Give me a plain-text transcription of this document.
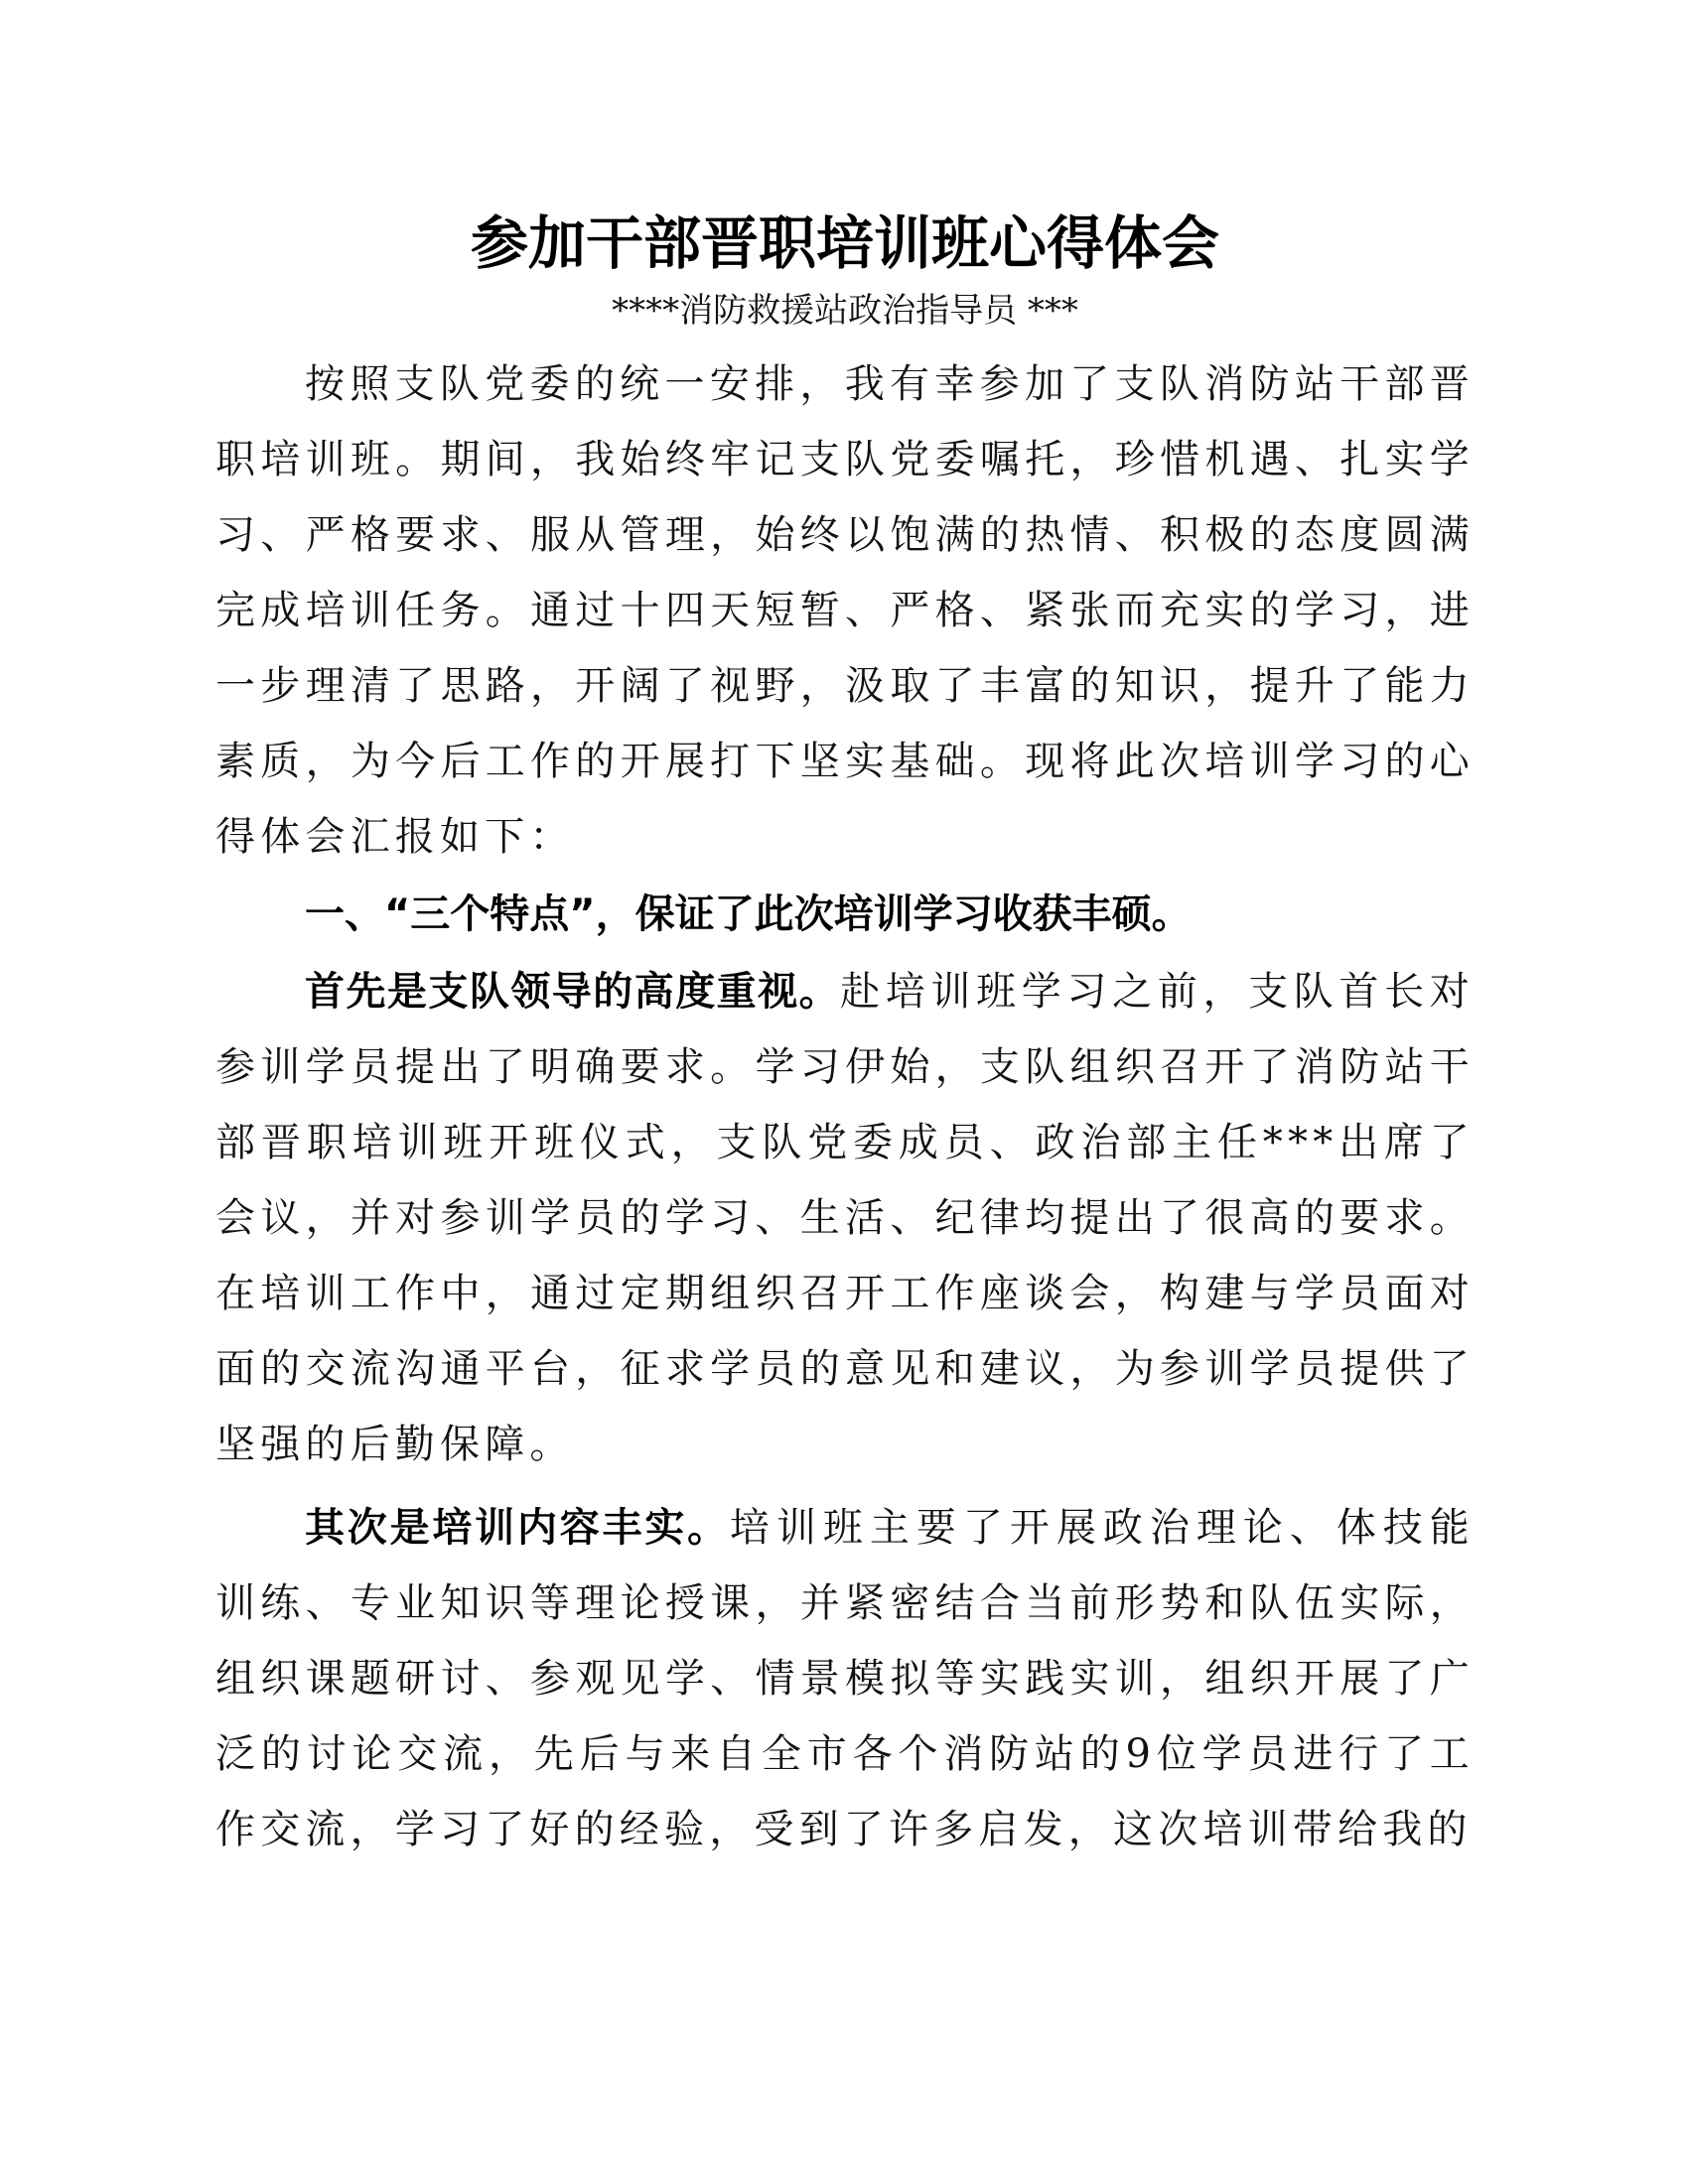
参加干部晋职培训班心得体会

****消防救援站政治指导员 ***

按照支队党委的统一安排，我有幸参加了支队消防站干部晋职培训班。期间，我始终牢记支队党委嘱托，珍惜机遇、扎实学习、严格要求、服从管理，始终以饱满的热情、积极的态度圆满完成培训任务。通过十四天短暂、严格、紧张而充实的学习，进一步理清了思路，开阔了视野，汲取了丰富的知识，提升了能力素质，为今后工作的开展打下坚实基础。现将此次培训学习的心得体会汇报如下：

一、“三个特点”，保证了此次培训学习收获丰硕。

首先是支队领导的高度重视。赴培训班学习之前，支队首长对参训学员提出了明确要求。学习伊始，支队组织召开了消防站干部晋职培训班开班仪式，支队党委成员、政治部主任***出席了会议，并对参训学员的学习、生活、纪律均提出了很高的要求。在培训工作中，通过定期组织召开工作座谈会，构建与学员面对面的交流沟通平台，征求学员的意见和建议，为参训学员提供了坚强的后勤保障。

其次是培训内容丰实。培训班主要了开展政治理论、体技能训练、专业知识等理论授课，并紧密结合当前形势和队伍实际，组织课题研讨、参观见学、情景模拟等实践实训，组织开展了广泛的讨论交流，先后与来自全市各个消防站的9位学员进行了工作交流，学习了好的经验，受到了许多启发，这次培训带给我的
